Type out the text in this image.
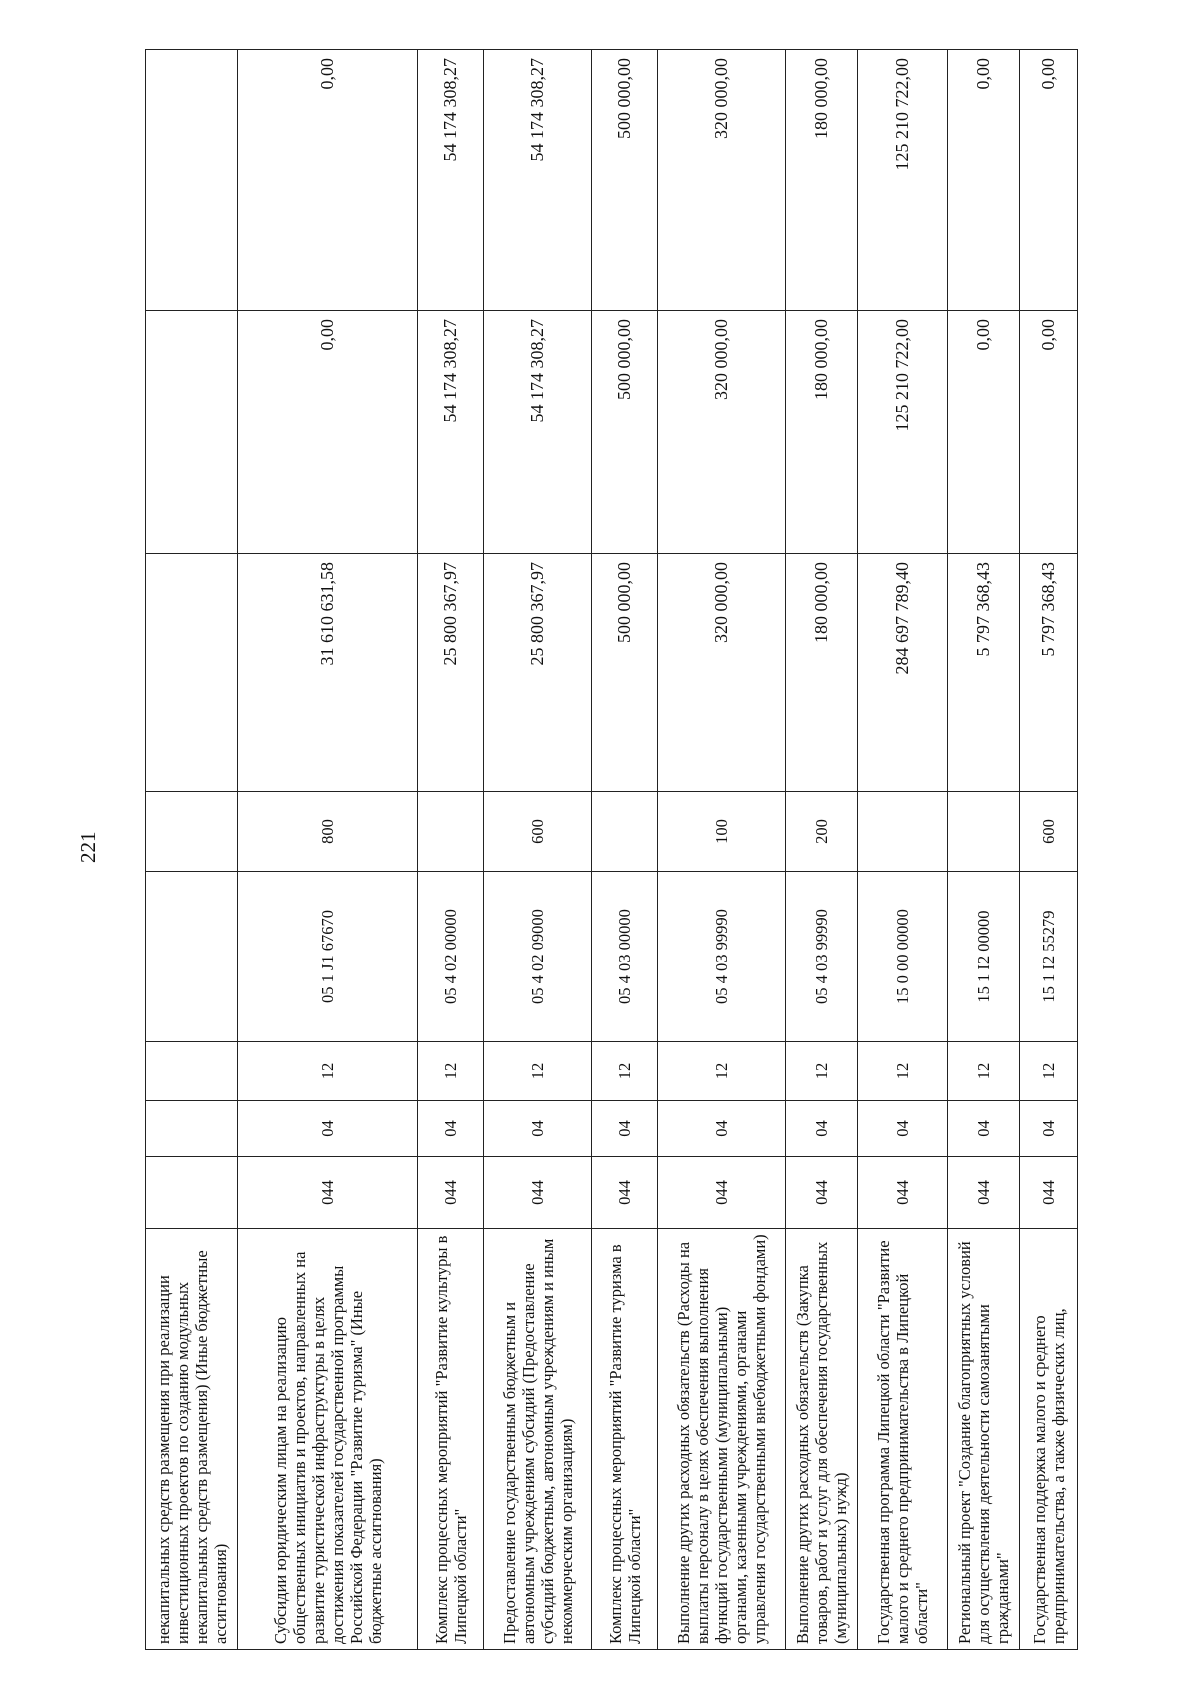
221
некапитальных средств размещения при реализации инвестиционных проектов по созданию модульных некапитальных средств размещения) (Иные бюджетные ассигнования)								
Субсидии юридическим лицам на реализацию общественных инициатив и проектов, направленных на развитие туристической инфраструктуры в целях достижения показателей государственной программы Российской Федерации "Развитие туризма" (Иные бюджетные ассигнования)	044	04	12	05 1 J1 67670	800	31 610 631,58	0,00	0,00
Комплекс процессных мероприятий "Развитие культуры в Липецкой области"	044	04	12	05 4 02 00000		25 800 367,97	54 174 308,27	54 174 308,27
Предоставление государственным бюджетным и автономным учреждениям субсидий (Предоставление субсидий бюджетным, автономным учреждениям и иным некоммерческим организациям)	044	04	12	05 4 02 09000	600	25 800 367,97	54 174 308,27	54 174 308,27
Комплекс процессных мероприятий "Развитие туризма в Липецкой области"	044	04	12	05 4 03 00000		500 000,00	500 000,00	500 000,00
Выполнение других расходных обязательств (Расходы на выплаты персоналу в целях обеспечения выполнения функций государственными (муниципальными) органами, казенными учреждениями, органами управления государственными внебюджетными фондами)	044	04	12	05 4 03 99990	100	320 000,00	320 000,00	320 000,00
Выполнение других расходных обязательств (Закупка товаров, работ и услуг для обеспечения государственных (муниципальных) нужд)	044	04	12	05 4 03 99990	200	180 000,00	180 000,00	180 000,00
Государственная программа Липецкой области "Развитие малого и среднего предпринимательства в Липецкой области"	044	04	12	15 0 00 00000		284 697 789,40	125 210 722,00	125 210 722,00
Региональный проект "Создание благоприятных условий для осуществления деятельности самозанятыми гражданами"	044	04	12	15 1 I2 00000		5 797 368,43	0,00	0,00
Государственная поддержка малого и среднего предпринимательства, а также физических лиц,	044	04	12	15 1 I2 55279	600	5 797 368,43	0,00	0,00
